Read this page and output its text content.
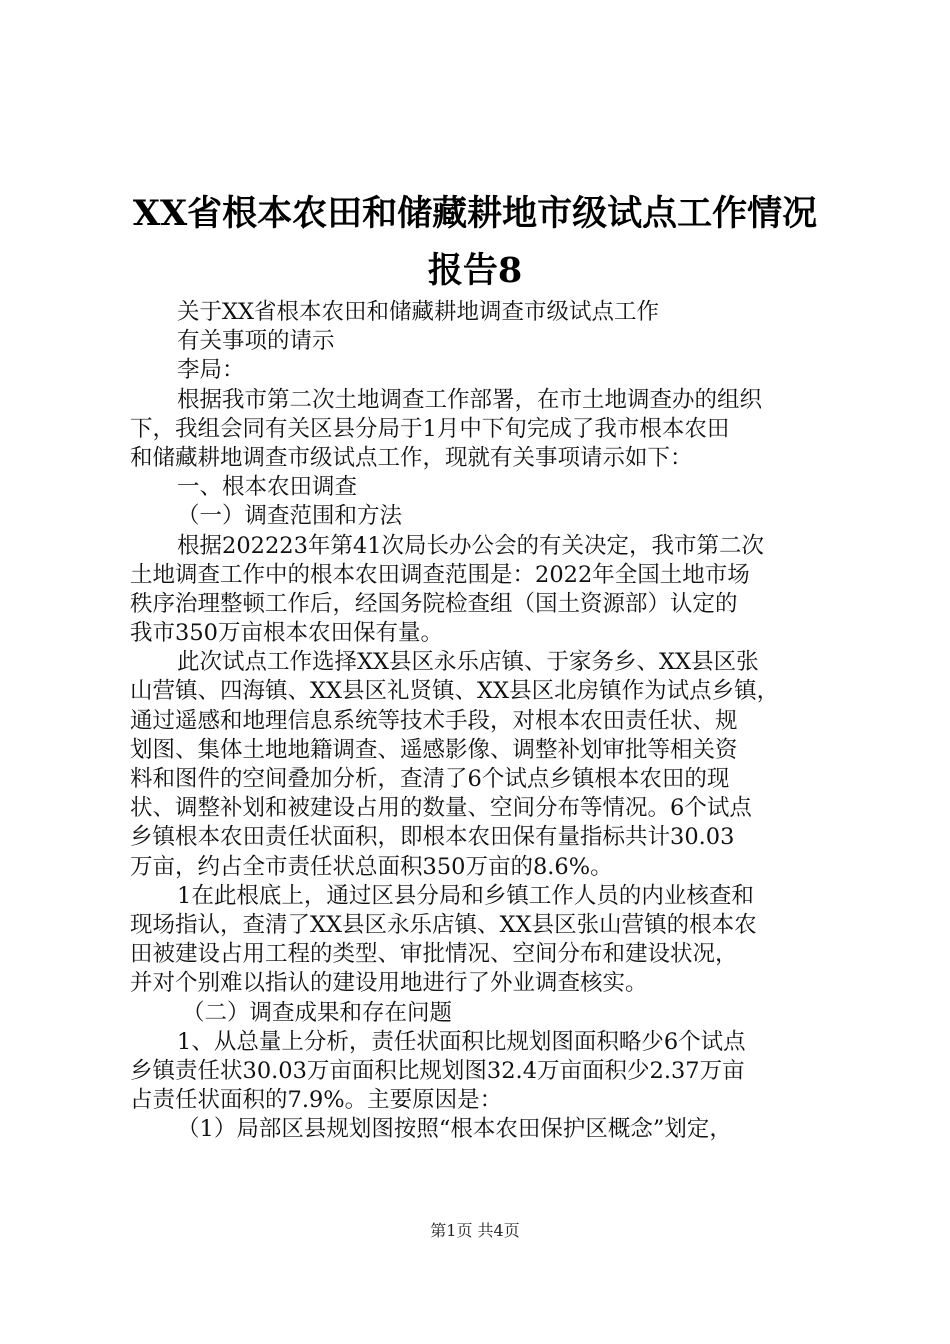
XX省根本农田和储藏耕地市级试点工作情况
报告8
关于XX省根本农田和储藏耕地调查市级试点工作
有关事项的请示
李局：
根据我市第二次土地调查工作部署，在市土地调查办的组织
下，我组会同有关区县分局于1月中下旬完成了我市根本农田
和储藏耕地调查市级试点工作，现就有关事项请示如下：
一、根本农田调查
（一）调查范围和方法
根据202223年第41次局长办公会的有关决定，我市第二次
土地调查工作中的根本农田调查范围是：2022年全国土地市场
秩序治理整顿工作后，经国务院检查组（国土资源部）认定的
我市350万亩根本农田保有量。
此次试点工作选择XX县区永乐店镇、于家务乡、XX县区张
山营镇、四海镇、XX县区礼贤镇、XX县区北房镇作为试点乡镇，
通过遥感和地理信息系统等技术手段，对根本农田责任状、规
划图、集体土地地籍调查、遥感影像、调整补划审批等相关资
料和图件的空间叠加分析，查清了6个试点乡镇根本农田的现
状、调整补划和被建设占用的数量、空间分布等情况。6个试点
乡镇根本农田责任状面积，即根本农田保有量指标共计30.03
万亩，约占全市责任状总面积350万亩的8.6%。
1在此根底上，通过区县分局和乡镇工作人员的内业核查和
现场指认，查清了XX县区永乐店镇、XX县区张山营镇的根本农
田被建设占用工程的类型、审批情况、空间分布和建设状况，
并对个别难以指认的建设用地进行了外业调查核实。
（二）调查成果和存在问题
1、从总量上分析，责任状面积比规划图面积略少6个试点
乡镇责任状30.03万亩面积比规划图32.4万亩面积少2.37万亩
占责任状面积的7.9%。主要原因是：
（1）局部区县规划图按照“根本农田保护区概念”划定，
第1页 共4页
